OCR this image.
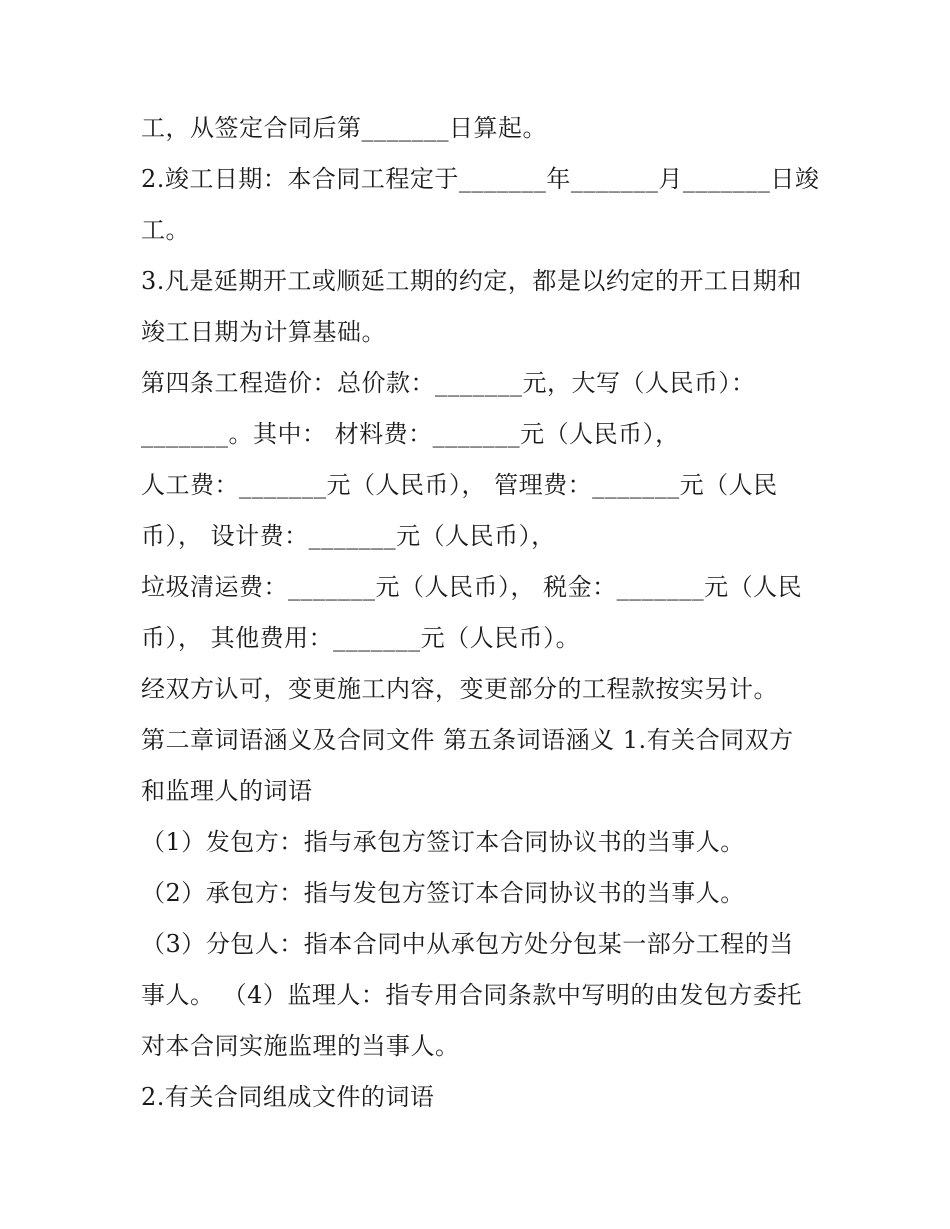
工，从签定合同后第_______日算起。
2.竣工日期：本合同工程定于_______年_______月_______日竣
工。
3.凡是延期开工或顺延工期的约定，都是以约定的开工日期和
竣工日期为计算基础。
第四条工程造价：总价款：_______元，大写（人民币）：
_______。其中： 材料费：_______元（人民币），
人工费：_______元（人民币）， 管理费：_______元（人民
币）， 设计费：_______元（人民币），
垃圾清运费：_______元（人民币）， 税金：_______元（人民
币）， 其他费用：_______元（人民币）。
经双方认可，变更施工内容，变更部分的工程款按实另计。
第二章词语涵义及合同文件 第五条词语涵义 1.有关合同双方
和监理人的词语
（1）发包方：指与承包方签订本合同协议书的当事人。
（2）承包方：指与发包方签订本合同协议书的当事人。
（3）分包人：指本合同中从承包方处分包某一部分工程的当
事人。 （4）监理人：指专用合同条款中写明的由发包方委托
对本合同实施监理的当事人。
2.有关合同组成文件的词语
